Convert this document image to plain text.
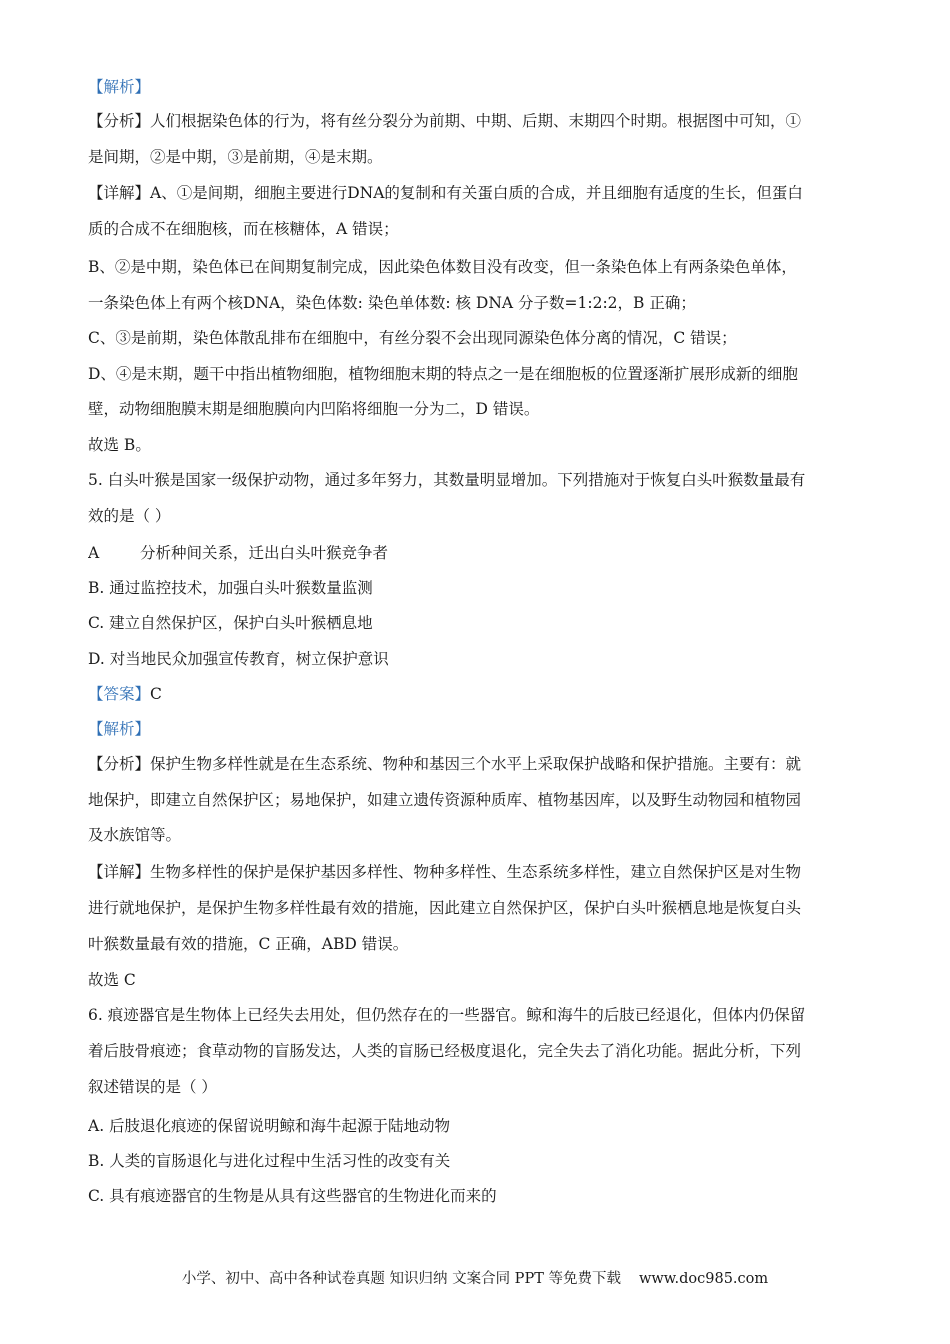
【解析】
【分析】人们根据染色体的行为，将有丝分裂分为前期、中期、后期、末期四个时期。根据图中可知，①
是间期，②是中期，③是前期，④是末期。
【详解】A、①是间期，细胞主要进行DNA的复制和有关蛋白质的合成，并且细胞有适度的生长，但蛋白
质的合成不在细胞核，而在核糖体，A 错误；
B、②是中期，染色体已在间期复制完成，因此染色体数目没有改变，但一条染色体上有两条染色单体，
一条染色体上有两个核DNA，染色体数: 染色单体数: 核 DNA 分子数=1:2:2，B 正确；
C、③是前期，染色体散乱排布在细胞中，有丝分裂不会出现同源染色体分离的情况，C 错误；
D、④是末期，题干中指出植物细胞，植物细胞末期的特点之一是在细胞板的位置逐渐扩展形成新的细胞
壁，动物细胞膜末期是细胞膜向内凹陷将细胞一分为二，D 错误。
故选 B。
5. 白头叶猴是国家一级保护动物，通过多年努力，其数量明显增加。下列措施对于恢复白头叶猴数量最有
效的是（ ）
A	分析种间关系，迁出白头叶猴竞争者
B. 通过监控技术，加强白头叶猴数量监测
C. 建立自然保护区，保护白头叶猴栖息地
D. 对当地民众加强宣传教育，树立保护意识
【答案】C
【解析】
【分析】保护生物多样性就是在生态系统、物种和基因三个水平上采取保护战略和保护措施。主要有：就
地保护，即建立自然保护区；易地保护，如建立遗传资源种质库、植物基因库，以及野生动物园和植物园
及水族馆等。
【详解】生物多样性的保护是保护基因多样性、物种多样性、生态系统多样性，建立自然保护区是对生物
进行就地保护，是保护生物多样性最有效的措施，因此建立自然保护区，保护白头叶猴栖息地是恢复白头
叶猴数量最有效的措施，C 正确，ABD 错误。
故选 C
6. 痕迹器官是生物体上已经失去用处，但仍然存在的一些器官。鲸和海牛的后肢已经退化，但体内仍保留
着后肢骨痕迹；食草动物的盲肠发达，人类的盲肠已经极度退化，完全失去了消化功能。据此分析，下列
叙述错误的是（ ）
A. 后肢退化痕迹的保留说明鲸和海牛起源于陆地动物
B. 人类的盲肠退化与进化过程中生活习性的改变有关
C. 具有痕迹器官的生物是从具有这些器官的生物进化而来的
小学、初中、高中各种试卷真题 知识归纳 文案合同 PPT 等免费下载 www.doc985.com
